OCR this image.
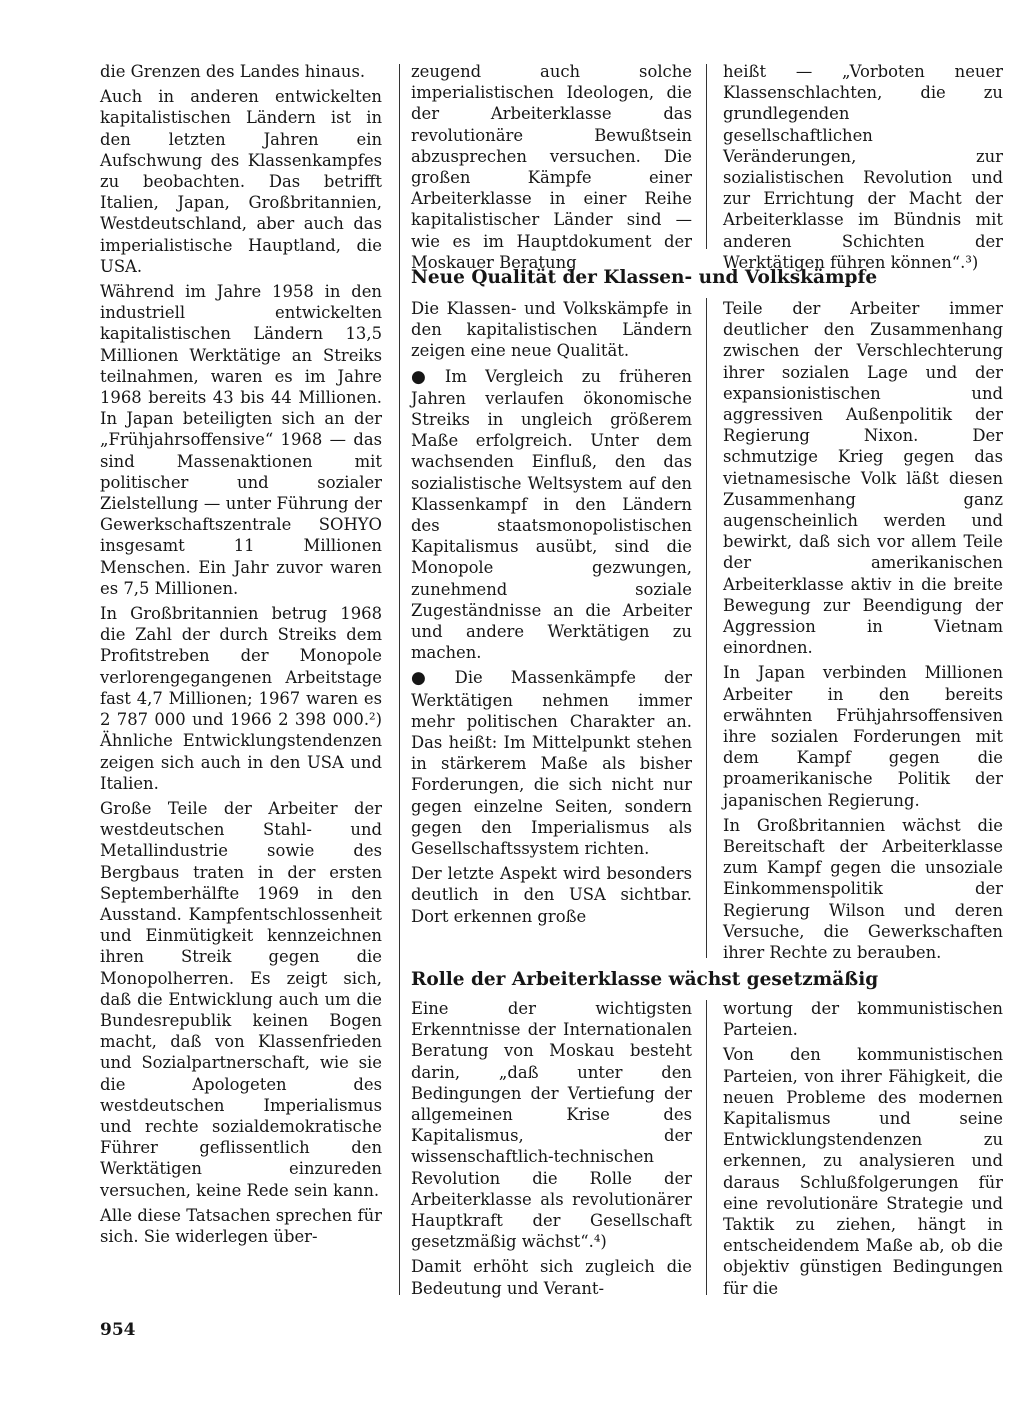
die Grenzen des Landes hinaus.

Auch in anderen entwickelten kapitalistischen Ländern ist in den letzten Jahren ein Aufschwung des Klassenkampfes zu beobachten. Das betrifft Italien, Japan, Großbritannien, Westdeutschland, aber auch das imperialistische Hauptland, die USA.

Während im Jahre 1958 in den industriell entwickelten kapitalistischen Ländern 13,5 Millionen Werktätige an Streiks teilnahmen, waren es im Jahre 1968 bereits 43 bis 44 Millionen. In Japan beteiligten sich an der „Frühjahrsoffensive“ 1968 — das sind Massenaktionen mit politischer und sozialer Zielstellung — unter Führung der Gewerkschaftszentrale SOHYO insgesamt 11 Millionen Menschen. Ein Jahr zuvor waren es 7,5 Millionen.

In Großbritannien betrug 1968 die Zahl der durch Streiks dem Profitstreben der Monopole verlorengegangenen Arbeitstage fast 4,7 Millionen; 1967 waren es 2 787 000 und 1966 2 398 000.²) Ähnliche Entwicklungstendenzen zeigen sich auch in den USA und Italien.

Große Teile der Arbeiter der westdeutschen Stahl- und Metallindustrie sowie des Bergbaus traten in der ersten Septemberhälfte 1969 in den Ausstand. Kampfentschlossenheit und Einmütigkeit kennzeichnen ihren Streik gegen die Monopolherren. Es zeigt sich, daß die Entwicklung auch um die Bundesrepublik keinen Bogen macht, daß von Klassenfrieden und Sozialpartnerschaft, wie sie die Apologeten des westdeutschen Imperialismus und rechte sozialdemokratische Führer geflissentlich den Werktätigen einzureden versuchen, keine Rede sein kann.

Alle diese Tatsachen sprechen für sich. Sie widerlegen über-

zeugend auch solche imperialistischen Ideologen, die der Arbeiterklasse das revolutionäre Bewußtsein abzusprechen versuchen. Die großen Kämpfe einer Arbeiterklasse in einer Reihe kapitalistischer Länder sind — wie es im Hauptdokument der Moskauer Beratung

heißt — „Vorboten neuer Klassenschlachten, die zu grundlegenden gesellschaftlichen Veränderungen, zur sozialistischen Revolution und zur Errichtung der Macht der Arbeiterklasse im Bündnis mit anderen Schichten der Werktätigen führen können“.³)

Neue Qualität der Klassen- und Volkskämpfe

Die Klassen- und Volkskämpfe in den kapitalistischen Ländern zeigen eine neue Qualität.

● Im Vergleich zu früheren Jahren verlaufen ökonomische Streiks in ungleich größerem Maße erfolgreich. Unter dem wachsenden Einfluß, den das sozialistische Weltsystem auf den Klassenkampf in den Ländern des staatsmonopolistischen Kapitalismus ausübt, sind die Monopole gezwungen, zunehmend soziale Zugeständnisse an die Arbeiter und andere Werktätigen zu machen.

● Die Massenkämpfe der Werktätigen nehmen immer mehr politischen Charakter an. Das heißt: Im Mittelpunkt stehen in stärkerem Maße als bisher Forderungen, die sich nicht nur gegen einzelne Seiten, sondern gegen den Imperialismus als Gesellschaftssystem richten.

Der letzte Aspekt wird besonders deutlich in den USA sichtbar. Dort erkennen große

Teile der Arbeiter immer deutlicher den Zusammenhang zwischen der Verschlechterung ihrer sozialen Lage und der expansionistischen und aggressiven Außenpolitik der Regierung Nixon. Der schmutzige Krieg gegen das vietnamesische Volk läßt diesen Zusammenhang ganz augenscheinlich werden und bewirkt, daß sich vor allem Teile der amerikanischen Arbeiterklasse aktiv in die breite Bewegung zur Beendigung der Aggression in Vietnam einordnen.

In Japan verbinden Millionen Arbeiter in den bereits erwähnten Frühjahrsoffensiven ihre sozialen Forderungen mit dem Kampf gegen die proamerikanische Politik der japanischen Regierung.

In Großbritannien wächst die Bereitschaft der Arbeiterklasse zum Kampf gegen die unsoziale Einkommenspolitik der Regierung Wilson und deren Versuche, die Gewerkschaften ihrer Rechte zu berauben.

Rolle der Arbeiterklasse wächst gesetzmäßig

Eine der wichtigsten Erkenntnisse der Internationalen Beratung von Moskau besteht darin, „daß unter den Bedingungen der Vertiefung der allgemeinen Krise des Kapitalismus, der wissenschaftlich-technischen Revolution die Rolle der Arbeiterklasse als revolutionärer Hauptkraft der Gesellschaft gesetzmäßig wächst“.⁴)

Damit erhöht sich zugleich die Bedeutung und Verant-

wortung der kommunistischen Parteien.

Von den kommunistischen Parteien, von ihrer Fähigkeit, die neuen Probleme des modernen Kapitalismus und seine Entwicklungstendenzen zu erkennen, zu analysieren und daraus Schlußfolgerungen für eine revolutionäre Strategie und Taktik zu ziehen, hängt in entscheidendem Maße ab, ob die objektiv günstigen Bedingungen für die

954
